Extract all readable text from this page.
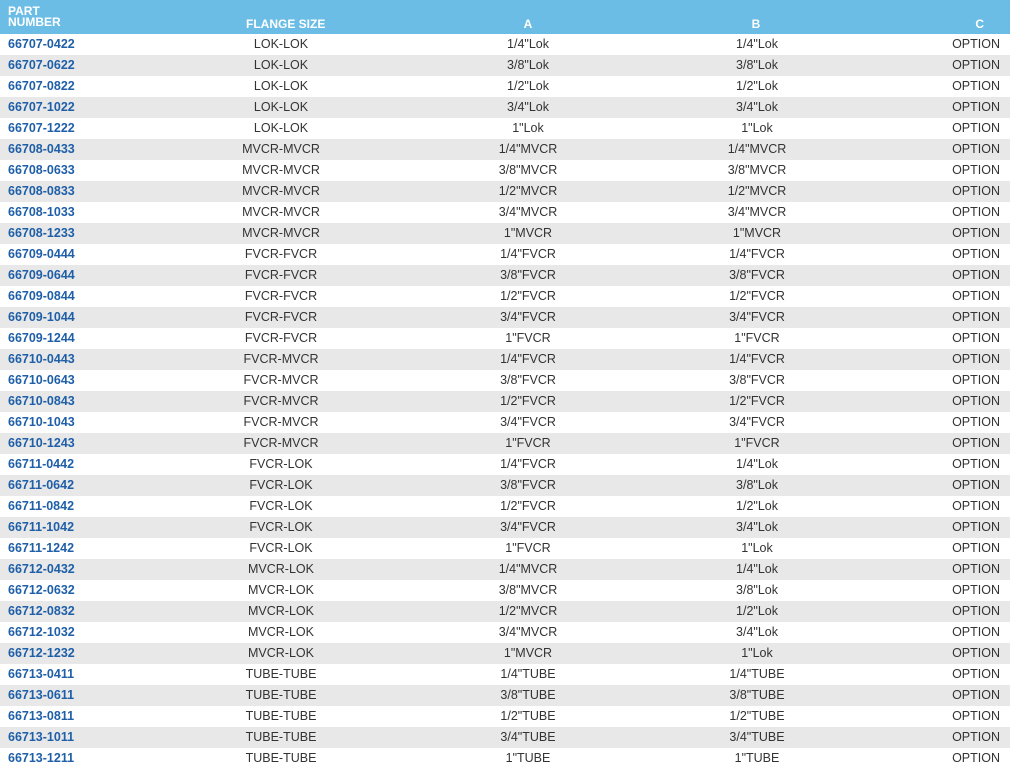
PART
NUMBER	FLANGE SIZE	A	B	C
66707-0422	LOK-LOK	1/4"Lok	1/4"Lok	OPTION
66707-0622	LOK-LOK	3/8"Lok	3/8"Lok	OPTION
66707-0822	LOK-LOK	1/2"Lok	1/2"Lok	OPTION
66707-1022	LOK-LOK	3/4"Lok	3/4"Lok	OPTION
66707-1222	LOK-LOK	1"Lok	1"Lok	OPTION
66708-0433	MVCR-MVCR	1/4"MVCR	1/4"MVCR	OPTION
66708-0633	MVCR-MVCR	3/8"MVCR	3/8"MVCR	OPTION
66708-0833	MVCR-MVCR	1/2"MVCR	1/2"MVCR	OPTION
66708-1033	MVCR-MVCR	3/4"MVCR	3/4"MVCR	OPTION
66708-1233	MVCR-MVCR	1"MVCR	1"MVCR	OPTION
66709-0444	FVCR-FVCR	1/4"FVCR	1/4"FVCR	OPTION
66709-0644	FVCR-FVCR	3/8"FVCR	3/8"FVCR	OPTION
66709-0844	FVCR-FVCR	1/2"FVCR	1/2"FVCR	OPTION
66709-1044	FVCR-FVCR	3/4"FVCR	3/4"FVCR	OPTION
66709-1244	FVCR-FVCR	1"FVCR	1"FVCR	OPTION
66710-0443	FVCR-MVCR	1/4"FVCR	1/4"FVCR	OPTION
66710-0643	FVCR-MVCR	3/8"FVCR	3/8"FVCR	OPTION
66710-0843	FVCR-MVCR	1/2"FVCR	1/2"FVCR	OPTION
66710-1043	FVCR-MVCR	3/4"FVCR	3/4"FVCR	OPTION
66710-1243	FVCR-MVCR	1"FVCR	1"FVCR	OPTION
66711-0442	FVCR-LOK	1/4"FVCR	1/4"Lok	OPTION
66711-0642	FVCR-LOK	3/8"FVCR	3/8"Lok	OPTION
66711-0842	FVCR-LOK	1/2"FVCR	1/2"Lok	OPTION
66711-1042	FVCR-LOK	3/4"FVCR	3/4"Lok	OPTION
66711-1242	FVCR-LOK	1"FVCR	1"Lok	OPTION
66712-0432	MVCR-LOK	1/4"MVCR	1/4"Lok	OPTION
66712-0632	MVCR-LOK	3/8"MVCR	3/8"Lok	OPTION
66712-0832	MVCR-LOK	1/2"MVCR	1/2"Lok	OPTION
66712-1032	MVCR-LOK	3/4"MVCR	3/4"Lok	OPTION
66712-1232	MVCR-LOK	1"MVCR	1"Lok	OPTION
66713-0411	TUBE-TUBE	1/4"TUBE	1/4"TUBE	OPTION
66713-0611	TUBE-TUBE	3/8"TUBE	3/8"TUBE	OPTION
66713-0811	TUBE-TUBE	1/2"TUBE	1/2"TUBE	OPTION
66713-1011	TUBE-TUBE	3/4"TUBE	3/4"TUBE	OPTION
66713-1211	TUBE-TUBE	1"TUBE	1"TUBE	OPTION
